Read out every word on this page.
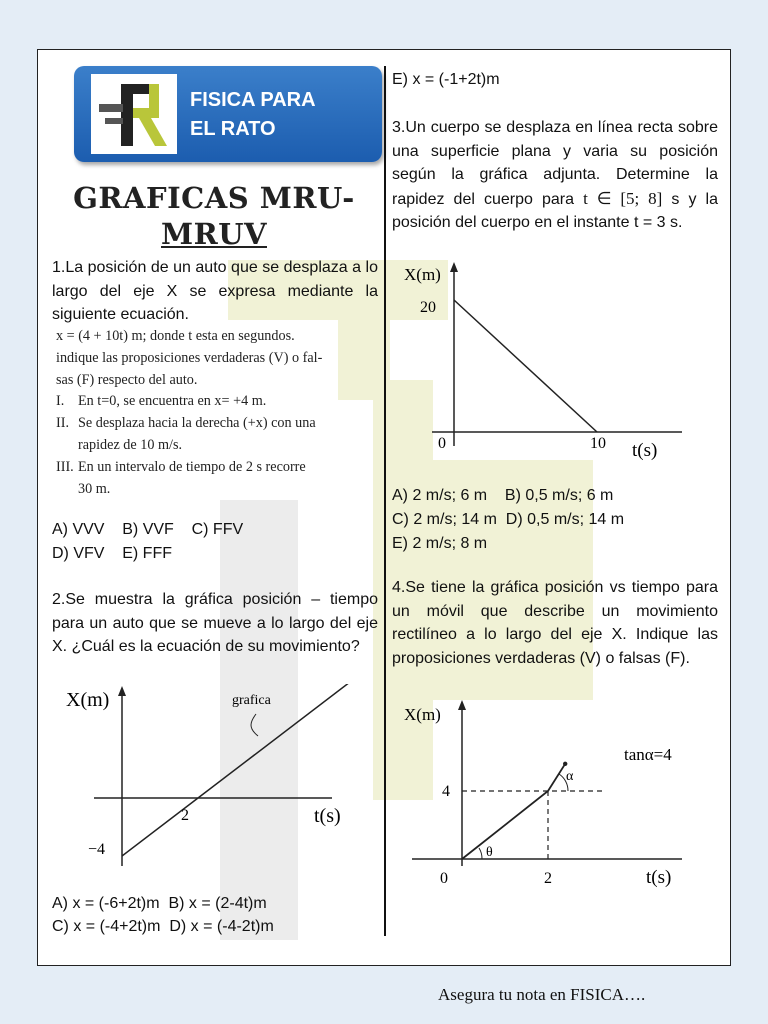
FISICA PARA
EL RATO
GRAFICAS MRU-
MRUV
1.La posición de un auto que se desplaza a lo largo del eje X se expresa mediante la siguiente ecuación.
x = (4 + 10t) m; donde t esta en segundos.
indique las proposiciones verdaderas (V) o fal-
sas (F) respecto del auto.
I. En t=0, se encuentra en x= +4 m.
II. Se desplaza hacia la derecha (+x) con una
rapidez de 10 m/s.
III. En un intervalo de tiempo de 2 s recorre
30 m.
A) VVV    B) VVF    C) FFV
D) VFV    E) FFF
2.Se muestra la gráfica posición – tiempo para un auto que se mueve a lo largo del eje X. ¿Cuál es la ecuación de su movimiento?
grafica
X(m)
t(s)
2
−4
A) x = (-6+2t)m  B) x = (2-4t)m
C) x = (-4+2t)m  D) x = (-4-2t)m
E) x = (-1+2t)m
3.Un cuerpo se desplaza en línea recta sobre una superficie plana y varia su posición según la gráfica adjunta. Determine la rapidez del cuerpo para t ∈ [5; 8] s y la posición del cuerpo en el instante t = 3 s.
X(m)
20
0	10 t(s)
A) 2 m/s; 6 m    B) 0,5 m/s; 6 m
C) 2 m/s; 14 m  D) 0,5 m/s; 14 m
E) 2 m/s; 8 m
4.Se tiene la gráfica posición vs tiempo para un móvil que describe un movimiento rectilíneo a lo largo del eje X. Indique las proposiciones verdaderas (V) o falsas (F).
X(m)
4
0	2	t(s)
tanα=4
α
θ
Asegura tu nota en FISICA….
